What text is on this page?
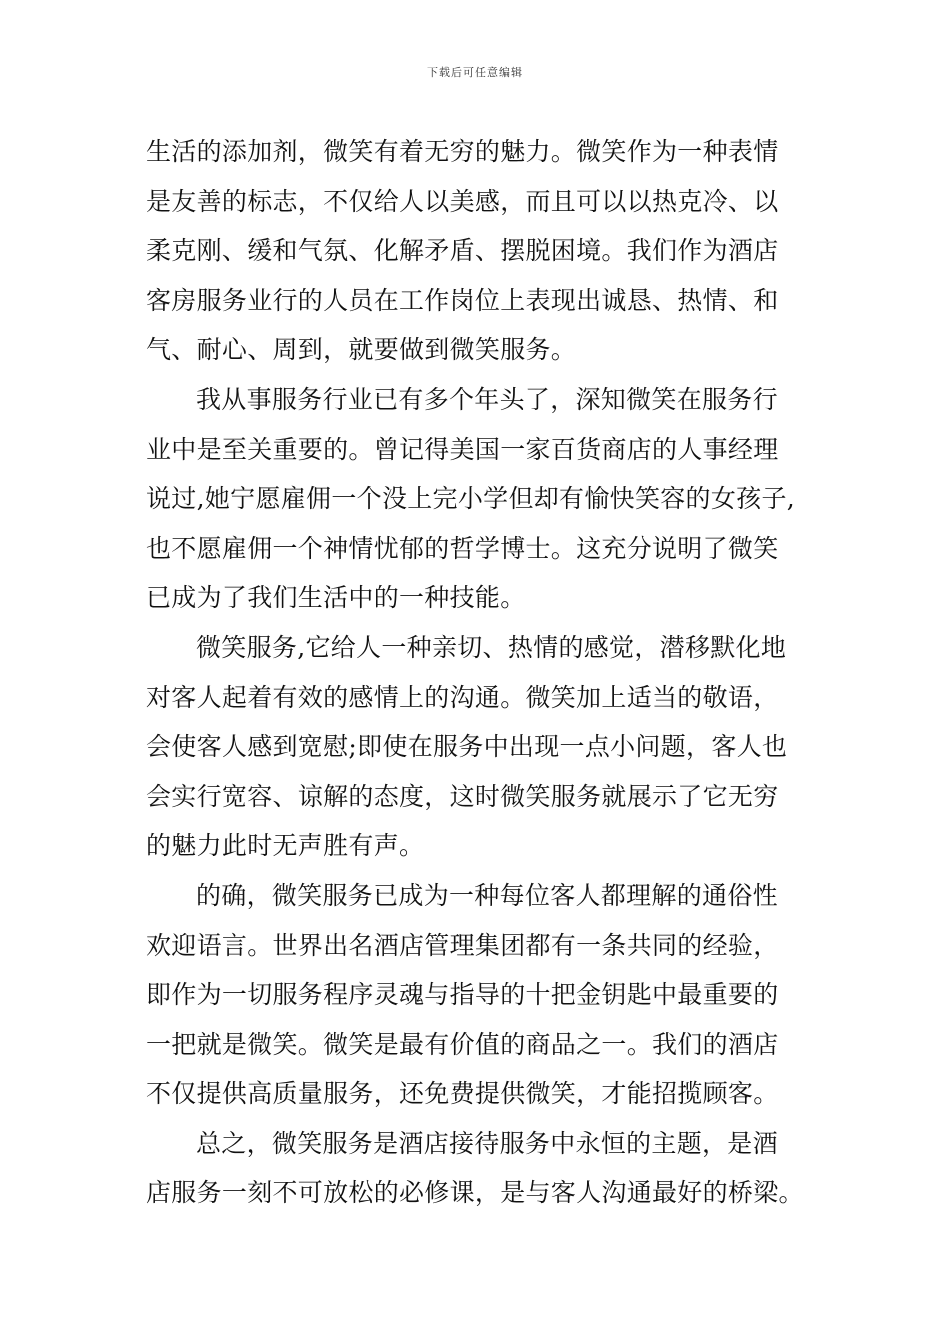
下载后可任意编辑
生活的添加剂，微笑有着无穷的魅力。微笑作为一种表情
是友善的标志，不仅给人以美感，而且可以以热克冷、以
柔克刚、缓和气氛、化解矛盾、摆脱困境。我们作为酒店
客房服务业行的人员在工作岗位上表现出诚恳、热情、和
气、耐心、周到，就要做到微笑服务。
我从事服务行业已有多个年头了，深知微笑在服务行
业中是至关重要的。曾记得美国一家百货商店的人事经理
说过,她宁愿雇佣一个没上完小学但却有愉快笑容的女孩子,
也不愿雇佣一个神情忧郁的哲学博士。这充分说明了微笑
已成为了我们生活中的一种技能。
微笑服务,它给人一种亲切、热情的感觉，潜移默化地
对客人起着有效的感情上的沟通。微笑加上适当的敬语，
会使客人感到宽慰;即使在服务中出现一点小问题，客人也
会实行宽容、谅解的态度，这时微笑服务就展示了它无穷
的魅力此时无声胜有声。
的确，微笑服务已成为一种每位客人都理解的通俗性
欢迎语言。世界出名酒店管理集团都有一条共同的经验，
即作为一切服务程序灵魂与指导的十把金钥匙中最重要的
一把就是微笑。微笑是最有价值的商品之一。我们的酒店
不仅提供高质量服务，还免费提供微笑，才能招揽顾客。
总之，微笑服务是酒店接待服务中永恒的主题，是酒
店服务一刻不可放松的必修课，是与客人沟通最好的桥梁。
